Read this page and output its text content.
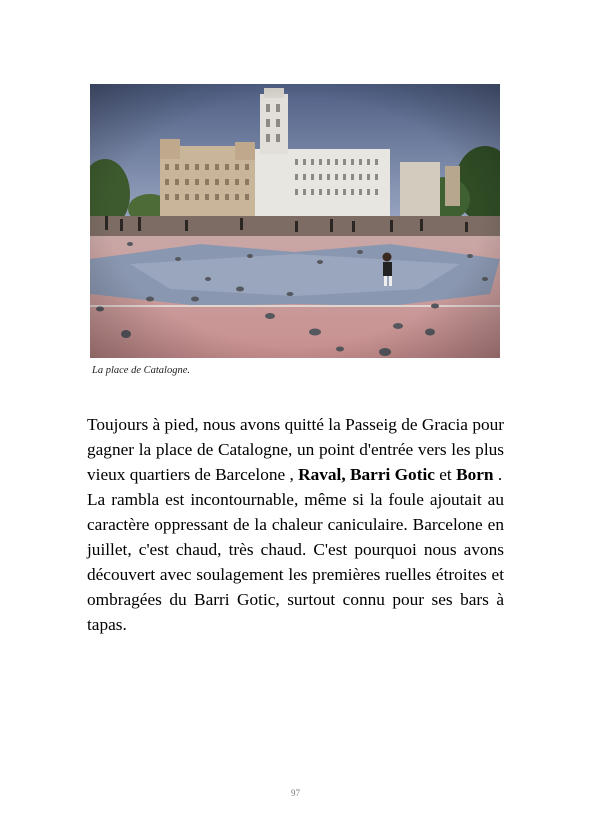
La place de Catalogne.

Toujours à pied, nous avons quitté la Passeig de Gracia pour gagner la place de Catalogne, un point d'entrée vers les plus vieux quartiers de Barcelone , Raval, Barri Gotic et Born .

La rambla est incontournable, même si la foule ajoutait au caractère oppressant de la chaleur caniculaire. Barcelone en juillet, c'est chaud, très chaud. C'est pourquoi nous avons découvert avec soulagement les premières ruelles étroites et ombragées du Barri Gotic, surtout connu pour ses bars à tapas.

97
